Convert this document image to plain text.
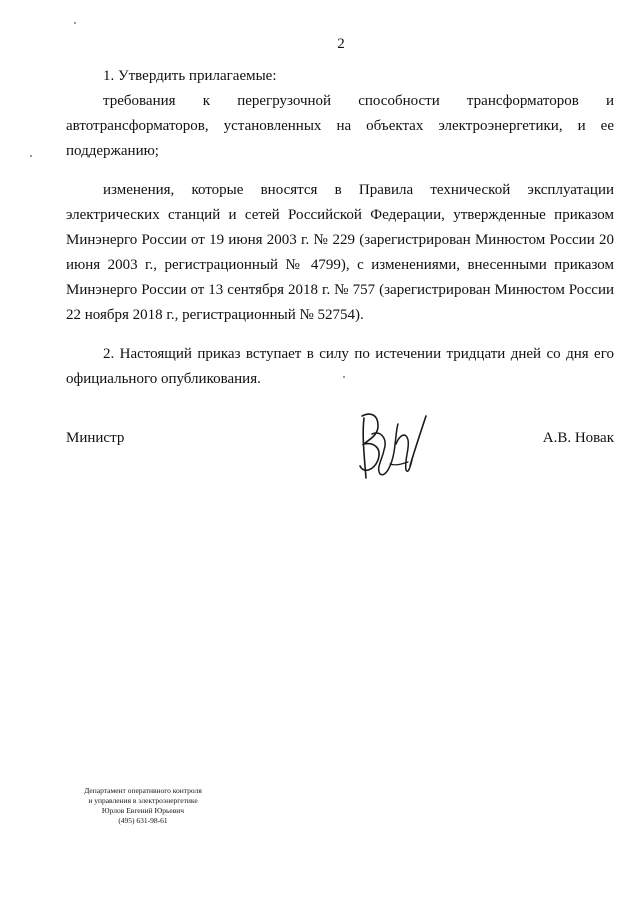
2

1. Утвердить прилагаемые:

требования к перегрузочной способности трансформаторов и автотрансформаторов, установленных на объектах электроэнергетики, и ее поддержанию;

изменения, которые вносятся в Правила технической эксплуатации электрических станций и сетей Российской Федерации, утвержденные приказом Минэнерго России от 19 июня 2003 г. № 229 (зарегистрирован Минюстом России 20 июня 2003 г., регистрационный № 4799), с изменениями, внесенными приказом Минэнерго России от 13 сентября 2018 г. № 757 (зарегистрирован Минюстом России 22 ноября 2018 г., регистрационный № 52754).

2. Настоящий приказ вступает в силу по истечении тридцати дней со дня его официального опубликования.

Министр	А.В. Новак
Департамент оперативного контроля
и управления в электроэнергетике
Юрлов Евгений Юрьевич
(495) 631-98-61
